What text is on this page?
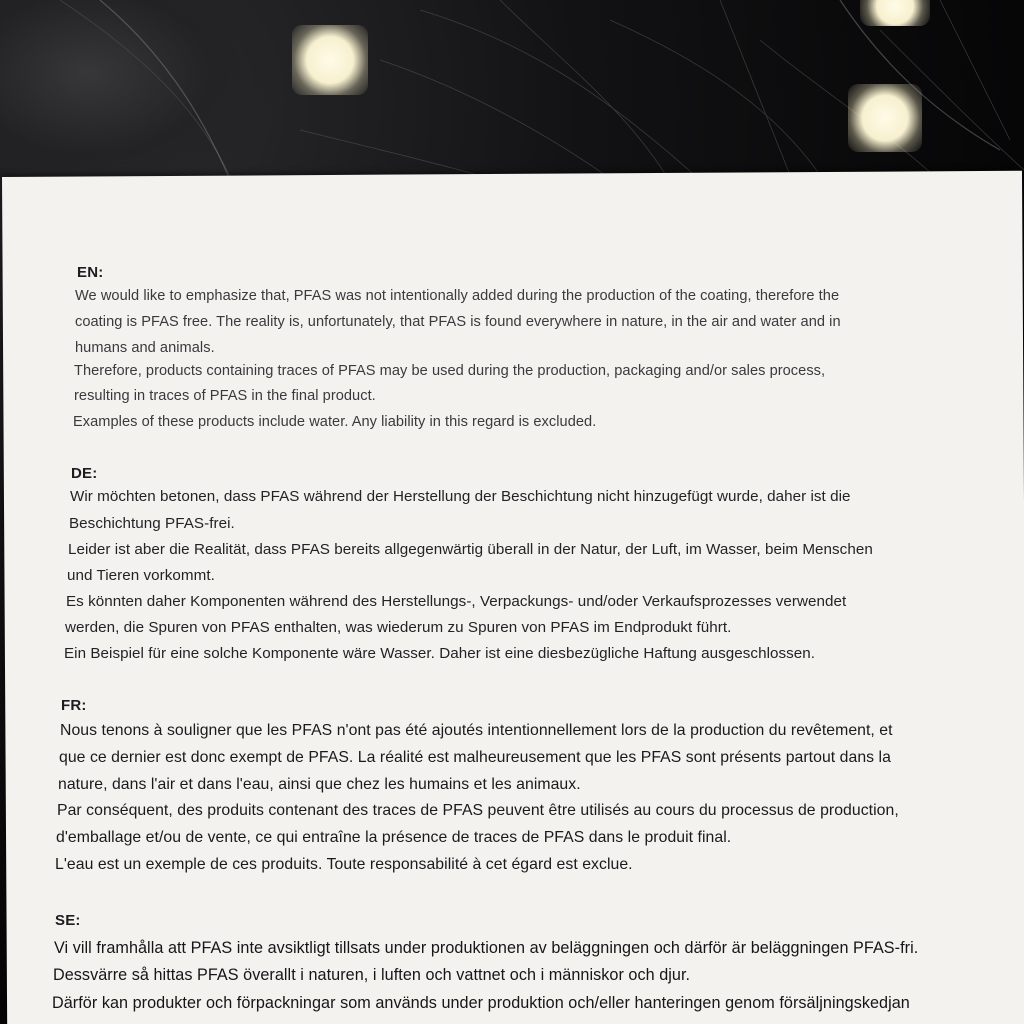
EN:
We would like to emphasize that, PFAS was not intentionally added during the production of the coating, therefore the
coating is PFAS free. The reality is, unfortunately, that PFAS is found everywhere in nature, in the air and water and in
humans and animals.
Therefore, products containing traces of PFAS may be used during the production, packaging and/or sales process,
resulting in traces of PFAS in the final product.
Examples of these products include water. Any liability in this regard is excluded.
DE:
Wir möchten betonen, dass PFAS während der Herstellung der Beschichtung nicht hinzugefügt wurde, daher ist die
Beschichtung PFAS-frei.
Leider ist aber die Realität, dass PFAS bereits allgegenwärtig überall in der Natur, der Luft, im Wasser, beim Menschen
und Tieren vorkommt.
Es könnten daher Komponenten während des Herstellungs-, Verpackungs- und/oder Verkaufsprozesses verwendet
werden, die Spuren von PFAS enthalten, was wiederum zu Spuren von PFAS im Endprodukt führt.
Ein Beispiel für eine solche Komponente wäre Wasser. Daher ist eine diesbezügliche Haftung ausgeschlossen.
FR:
Nous tenons à souligner que les PFAS n'ont pas été ajoutés intentionnellement lors de la production du revêtement, et
que ce dernier est donc exempt de PFAS. La réalité est malheureusement que les PFAS sont présents partout dans la
nature, dans l'air et dans l'eau, ainsi que chez les humains et les animaux.
Par conséquent, des produits contenant des traces de PFAS peuvent être utilisés au cours du processus de production,
d'emballage et/ou de vente, ce qui entraîne la présence de traces de PFAS dans le produit final.
L'eau est un exemple de ces produits. Toute responsabilité à cet égard est exclue.
SE:
Vi vill framhålla att PFAS inte avsiktligt tillsats under produktionen av beläggningen och därför är beläggningen PFAS-fri.
Dessvärre så hittas PFAS överallt i naturen, i luften och vattnet och i människor och djur.
Därför kan produkter och förpackningar som används under produktion och/eller hanteringen genom försäljningskedjan
